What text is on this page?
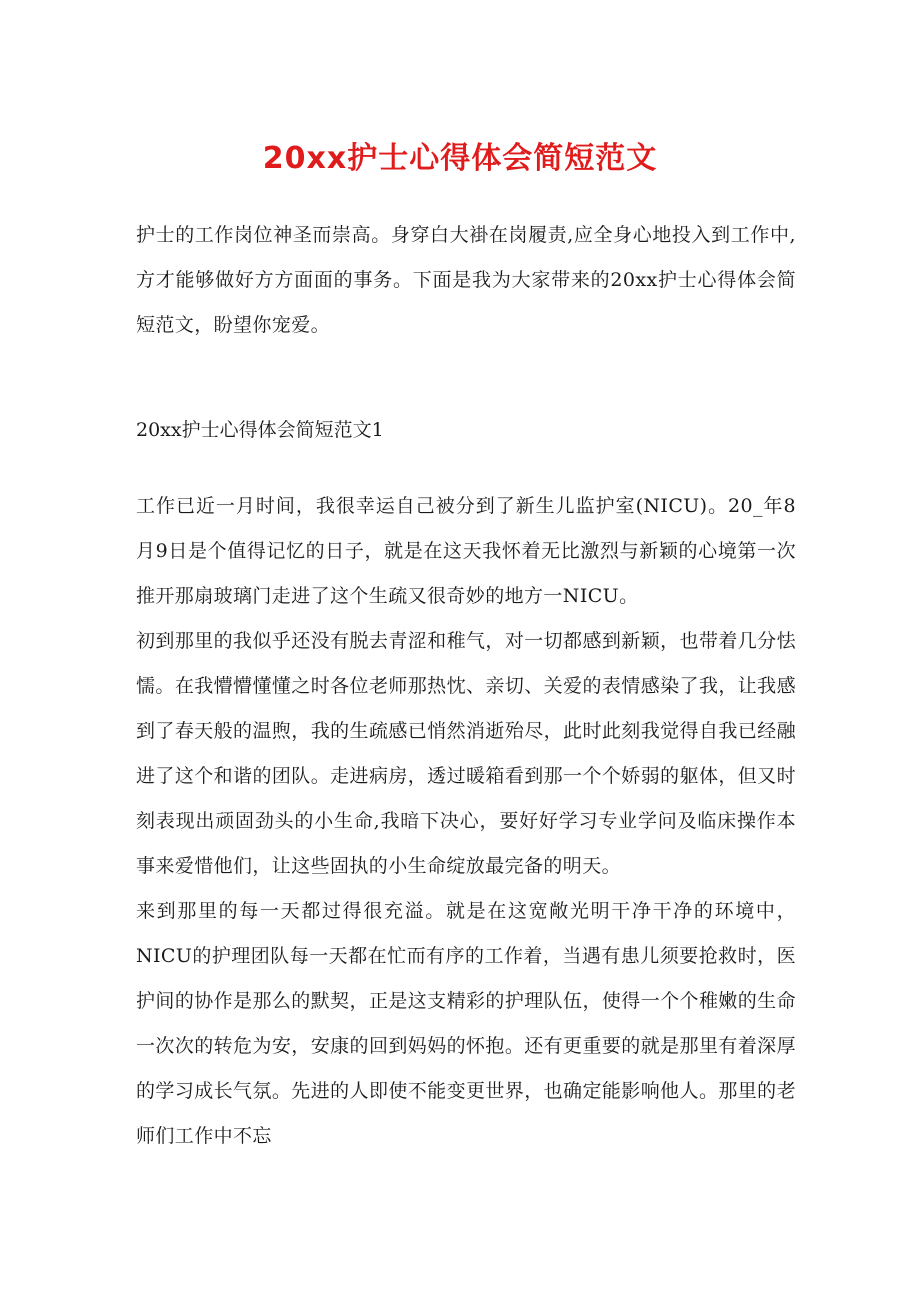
20xx护士心得体会简短范文

护士的工作岗位神圣而崇高。身穿白大褂在岗履责,应全身心地投入到工作中,方才能够做好方方面面的事务。下面是我为大家带来的20xx护士心得体会简短范文，盼望你宠爱。

20xx护士心得体会简短范文1

工作已近一月时间，我很幸运自己被分到了新生儿监护室(NICU)。20_年8月9日是个值得记忆的日子，就是在这天我怀着无比激烈与新颖的心境第一次推开那扇玻璃门走进了这个生疏又很奇妙的地方一NICU。

初到那里的我似乎还没有脱去青涩和稚气，对一切都感到新颖，也带着几分怯懦。在我懵懵懂懂之时各位老师那热忱、亲切、关爱的表情感染了我，让我感到了春天般的温煦，我的生疏感已悄然消逝殆尽，此时此刻我觉得自我已经融进了这个和谐的团队。走进病房，透过暖箱看到那一个个娇弱的躯体，但又时刻表现出顽固劲头的小生命,我暗下决心，要好好学习专业学问及临床操作本事来爱惜他们，让这些固执的小生命绽放最完备的明天。

来到那里的每一天都过得很充溢。就是在这宽敞光明干净干净的环境中，NICU的护理团队每一天都在忙而有序的工作着，当遇有患儿须要抢救时，医护间的协作是那么的默契，正是这支精彩的护理队伍，使得一个个稚嫩的生命一次次的转危为安，安康的回到妈妈的怀抱。还有更重要的就是那里有着深厚的学习成长气氛。先进的人即使不能变更世界，也确定能影响他人。那里的老师们工作中不忘
